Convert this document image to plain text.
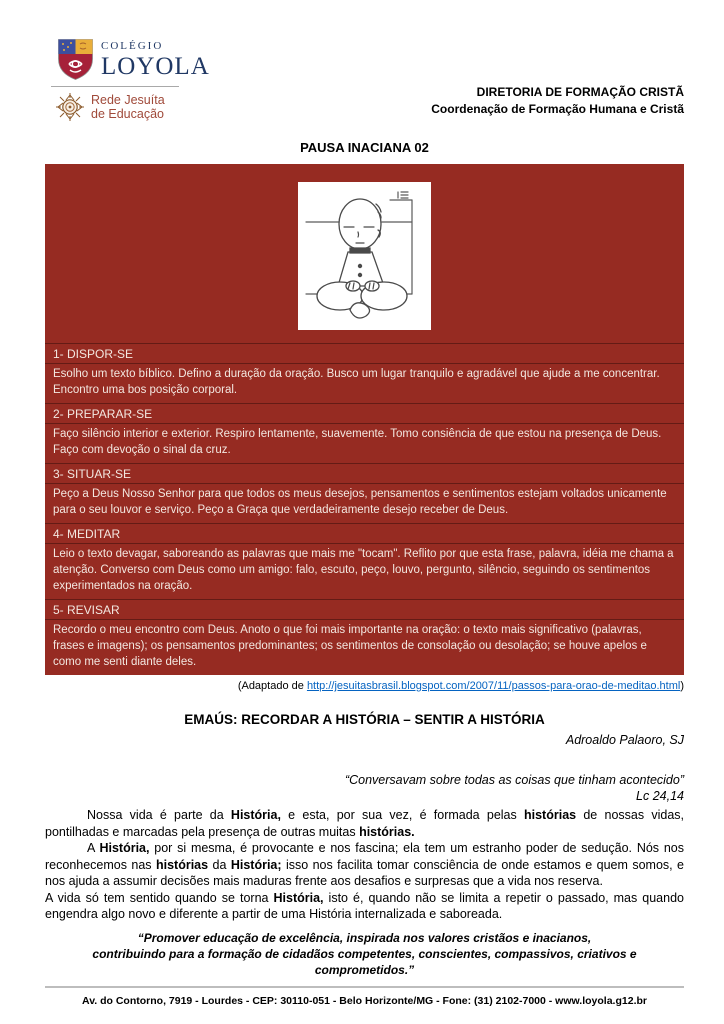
COLÉGIO
LOYOLA
Rede Jesuíta
de Educação
DIRETORIA DE FORMAÇÃO CRISTÃ
Coordenação de Formação Humana e Cristã
PAUSA INACIANA 02
1- DISPOR-SE
Esolho um texto bíblico. Defino a duração da oração. Busco um lugar tranquilo e agradável que ajude a me concentrar. Encontro uma bos posição corporal.
2- PREPARAR-SE
Faço silêncio interior e exterior. Respiro lentamente, suavemente. Tomo consiência de que estou na presença de Deus. Faço com devoção o sinal da cruz.
3- SITUAR-SE
Peço a Deus Nosso Senhor para que todos os meus desejos, pensamentos e sentimentos estejam voltados unicamente para o seu louvor e serviço. Peço a Graça que verdadeiramente desejo receber de Deus.
4- MEDITAR
Leio o texto devagar, saboreando as palavras que mais me "tocam". Reflito por que esta frase, palavra, idéia me chama a atenção. Converso com Deus como um amigo: falo, escuto, peço, louvo, pergunto, silêncio, seguindo os sentimentos experimentados na oração.
5- REVISAR
Recordo o meu encontro com Deus. Anoto o que foi mais importante na oração: o texto mais significativo (palavras, frases e imagens); os pensamentos predominantes; os sentimentos de consolação ou desolação; se houve apelos e como me senti diante deles.
(Adaptado de http://jesuitasbrasil.blogspot.com/2007/11/passos-para-orao-de-meditao.html)
EMAÚS: RECORDAR A HISTÓRIA – SENTIR A HISTÓRIA
Adroaldo Palaoro, SJ
“Conversavam sobre todas as coisas que tinham acontecido”
Lc 24,14

Nossa vida é parte da História, e esta, por sua vez, é formada pelas histórias de nossas vidas, pontilhadas e marcadas pela presença de outras muitas histórias.

A História, por si mesma, é provocante e nos fascina; ela tem um estranho poder de sedução. Nós nos reconhecemos nas histórias da História; isso nos facilita tomar consciência de onde estamos e quem somos, e nos ajuda a assumir decisões mais maduras frente aos desafios e surpresas que a vida nos reserva.

A vida só tem sentido quando se torna História, isto é, quando não se limita a repetir o passado, mas quando engendra algo novo e diferente a partir de uma História internalizada e saboreada.

“Promover educação de excelência, inspirada nos valores cristãos e inacianos,
contribuindo para a formação de cidadãos competentes, conscientes, compassivos, criativos e comprometidos.”
Av. do Contorno, 7919 - Lourdes - CEP: 30110-051 - Belo Horizonte/MG - Fone: (31) 2102-7000 - www.loyola.g12.br
